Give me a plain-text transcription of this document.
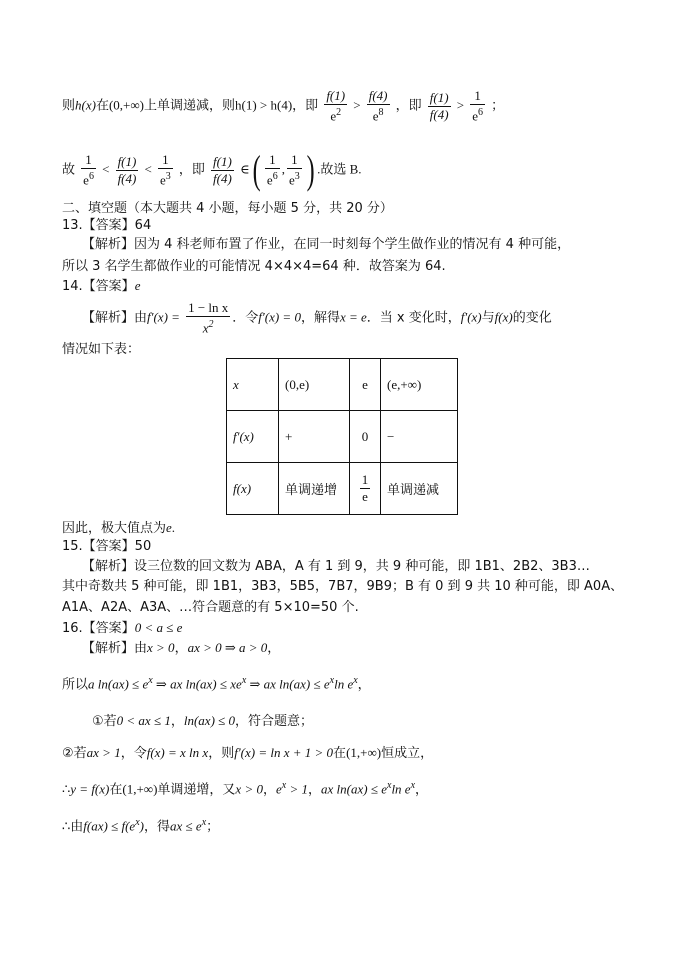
则h(x)在(0,+∞)上单调递减，则h(1) > h(4)，即 $\frac{f(1)}{e^2} > \frac{f(4)}{e^8}$ ，即 $\frac{f(1)}{f(4)} > \frac{1}{e^6}$ ；
故 $\frac{1}{e^6} < \frac{f(1)}{f(4)} < \frac{1}{e^3}$ ，即 $\frac{f(1)}{f(4)}$ ∈( $\frac{1}{e^6}$ , $\frac{1}{e^3}$ ) .故选 B.
二、填空题（本大题共 4 小题，每小题 5 分，共 20 分）
13.【答案】64
【解析】因为 4 科老师布置了作业，在同一时刻每个学生做作业的情况有 4 种可能，
所以 3 名学生都做作业的可能情况 4×4×4=64 种．故答案为 64.
14.【答案】e
【解析】由$f'(x) = \frac{\text{1 − ln x}}{x^2}$ ．令f′(x) = 0，解得x = e．当 x 变化时，f′(x)与f(x)的变化
情况如下表：
x	(0,e)	e	(e,+∞)
f′(x)	+	0	−
f(x)	单调递增	$\frac{1}{e}$	单调递减
因此，极大值点为e.
15.【答案】50
【解析】设三位数的回文数为 ABA，A 有 1 到 9，共 9 种可能，即 1B1、2B2、3B3…
其中奇数共 5 种可能，即 1B1，3B3，5B5，7B7，9B9；B 有 0 到 9 共 10 种可能，即 A0A、
A1A、A2A、A3A、…符合题意的有 5×10=50 个.
16.【答案】0 < a ≤ e
【解析】由x > 0，ax > 0 ⇒ a > 0，
所以a $\ln(ax) \le e^x$ ⇒ ax $\ln(ax) \le xe^x$ ⇒ ax $\ln(ax) \le e^x\ln$ $e^x$，
①若0 < ax ≤ 1，ln(ax) ≤ 0，符合题意；
②若ax > 1，令f(x) = x ln x，则f′(x) = ln x + 1 > 0在(1,+∞)恒成立，
∴y = f(x)在(1,+∞)单调递增，又x > 0，$e^x > 1$，ax $\ln(ax) \le e^x\ln$ $e^x$，
∴由$f(ax) \le f(e^x)$，得ax ≤ $e^x$；
